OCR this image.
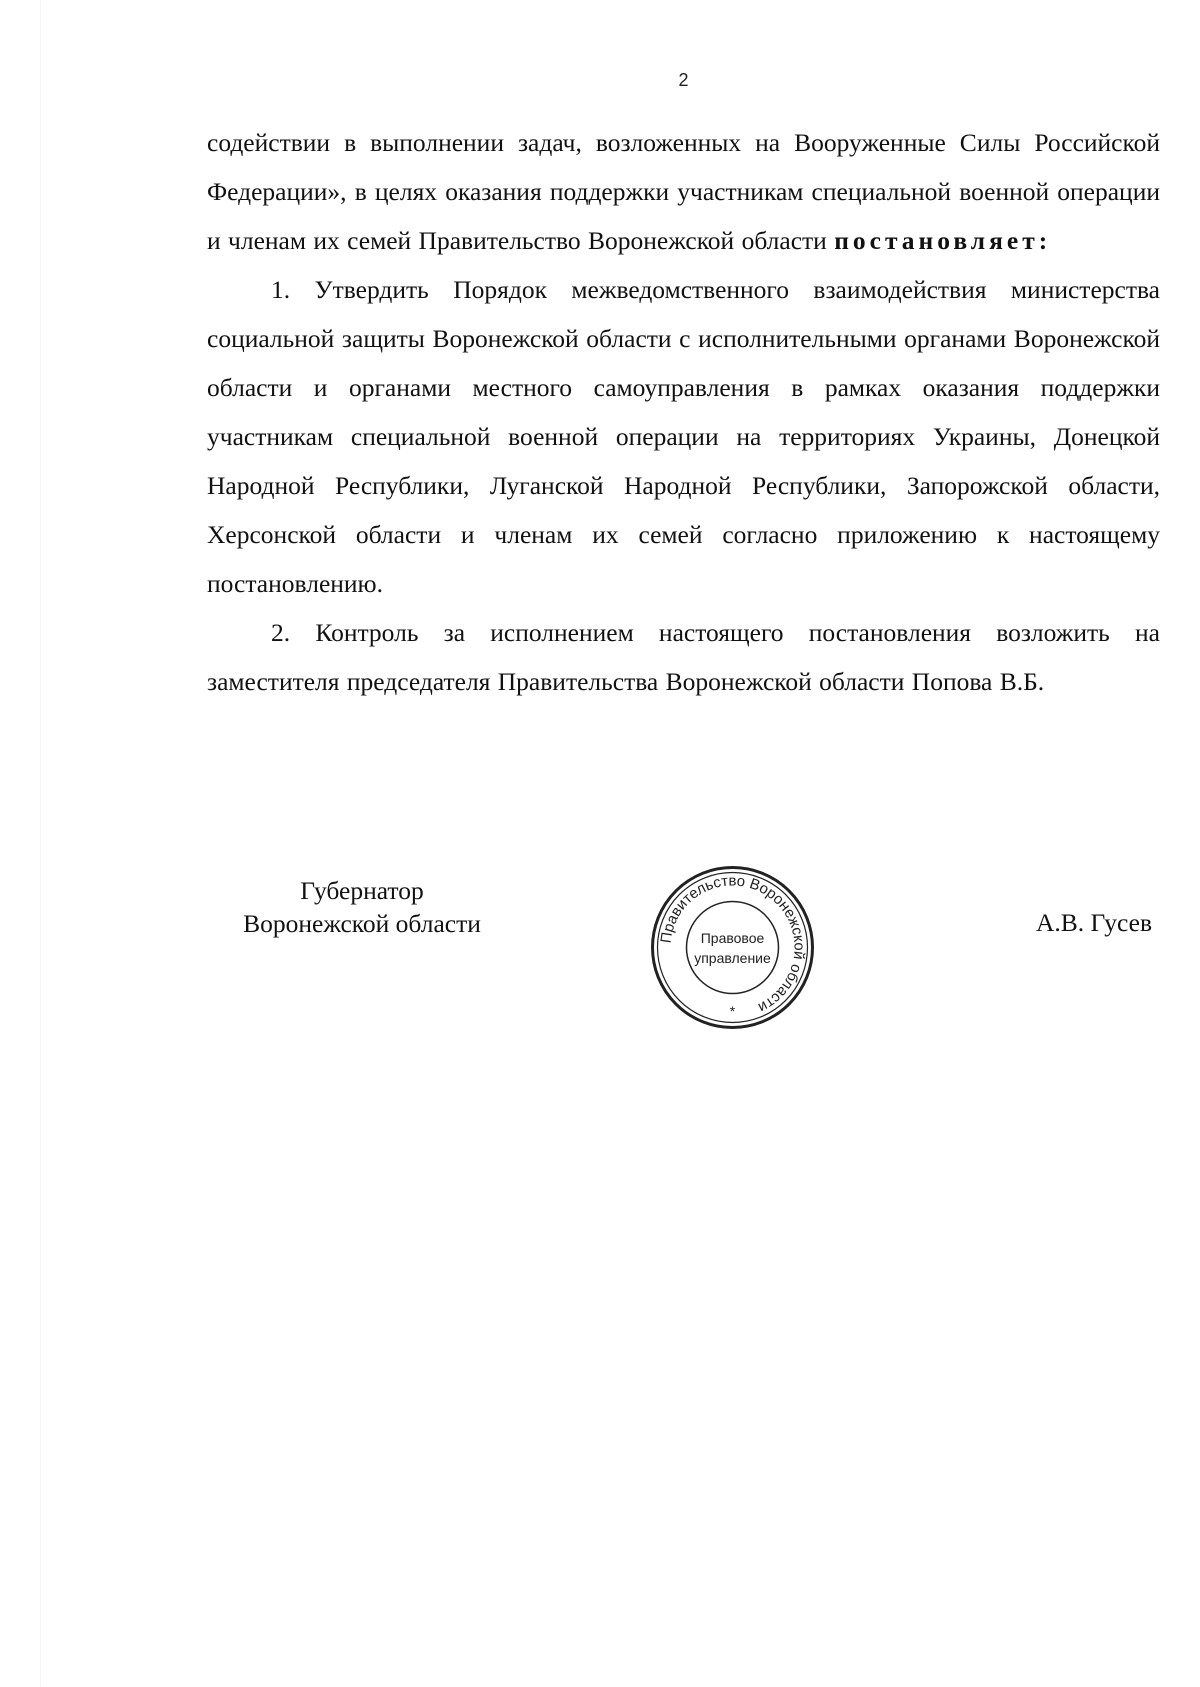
2

содействии в выполнении задач, возложенных на Вооруженные Силы Российской Федерации», в целях оказания поддержки участникам специальной военной операции и членам их семей Правительство Воронежской области постановляет:

1. Утвердить Порядок межведомственного взаимодействия министерства социальной защиты Воронежской области с исполнительными органами Воронежской области и органами местного самоуправления в рамках оказания поддержки участникам специальной военной операции на территориях Украины, Донецкой Народной Республики, Луганской Народной Республики, Запорожской области, Херсонской области и членам их семей согласно приложению к настоящему постановлению.

2. Контроль за исполнением настоящего постановления возложить на заместителя председателя Правительства Воронежской области Попова В.Б.

Губернатор
Воронежской области	Правительство Воронежской области
Правовое
управление
*
А.В. Гусев
